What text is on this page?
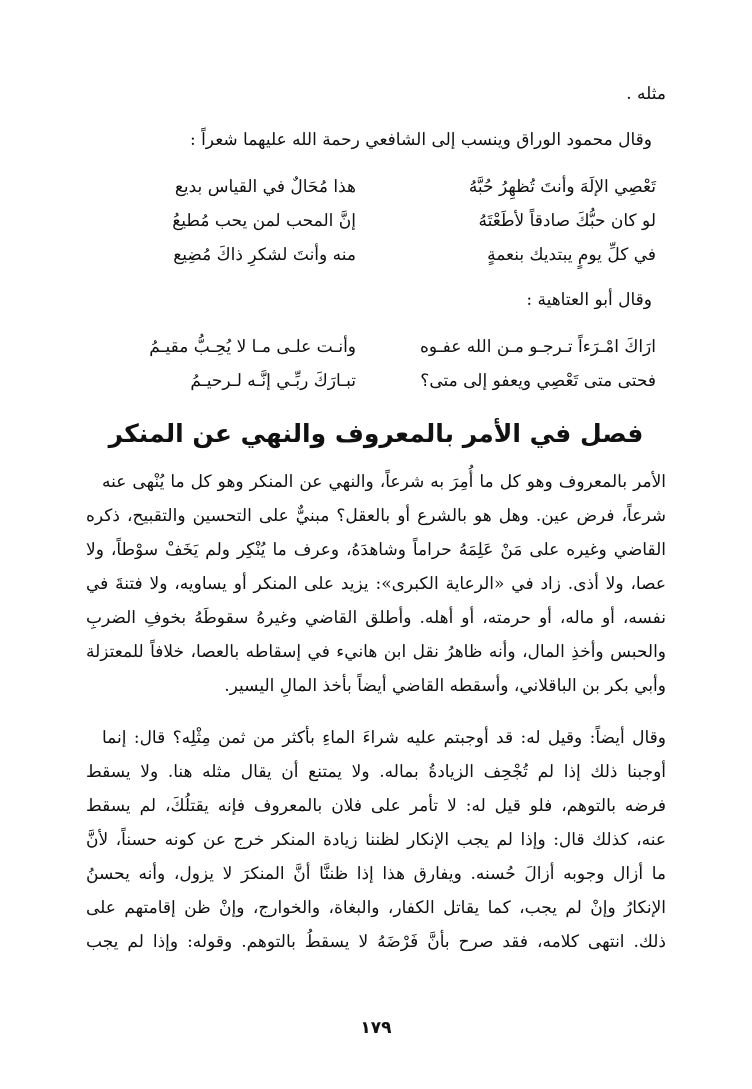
مثله .
وقال محمود الوراق وينسب إلى الشافعي رحمة الله عليهما شعراً :
تَعْصِي الإلَهَ وأنتَ تُظهِرُ حُبَّهُ
هذا مُحَالٌ في القياس بديع
لو كان حبُّكَ صادقاً لأطَعْتَهُ
إنَّ المحب لمن يحب مُطيعُ
في كلِّ يومٍ يبتديك بنعمةٍ
منه وأنتَ لشكرِ ذاكَ مُضِيع
وقال أبو العتاهية :
ارَاكَ امْـرَءاً تـرجـو مـن الله عفـوه
وأنـت علـى مـا لا يُحِـبُّ مقيـمُ
فحتى متى تَعْصِي ويعفو إلى متى؟
تبـارَكَ ربِّـي إنَّـه لـرحيـمُ
فصل في الأمر بالمعروف والنهي عن المنكر
الأمر بالمعروف وهو كل ما أُمِرَ به شرعاً، والنهي عن المنكر وهو كل ما يُنْهى عنه
شرعاً، فرض عين. وهل هو بالشرع أو بالعقل؟ مبنيٌّ على التحسين والتقبيح، ذكره
القاضي وغيره على مَنْ عَلِمَهُ حراماً وشاهدَهُ، وعرف ما يُنْكِر ولم يَخَفْ سوْطاً، ولا
عصا، ولا أذى. زاد في «الرعاية الكبرى»: يزيد على المنكر أو يساويه، ولا فتنةَ في
نفسه، أو ماله، أو حرمته، أو أهله. وأطلق القاضي وغيرهُ سقوطَهُ بخوفِ الضربِ
والحبس وأخذِ المال، وأنه ظاهرُ نقل ابن هانيء في إسقاطه بالعصا، خلافاً للمعتزلة
وأبي بكر بن الباقلاني، وأسقطه القاضي أيضاً بأخذ المالِ اليسير.
وقال أيضاً: وقيل له: قد أوجبتم عليه شراءَ الماءِ بأكثر من ثمن مِثْلِه؟ قال: إنما
أوجبنا ذلك إذا لم تُجْحِف الزيادةُ بماله. ولا يمتنع أن يقال مثله هنا. ولا يسقط
فرضه بالتوهم، فلو قيل له: لا تأمر على فلان بالمعروف فإنه يقتلُكَ، لم يسقط
عنه، كذلك قال: وإذا لم يجب الإنكار لظننا زيادة المنكر خرج عن كونه حسناً، لأنَّ
ما أزال وجوبه أزالَ حُسنه. ويفارق هذا إذا ظننَّا أنَّ المنكرَ لا يزول، وأنه يحسنُ
الإنكارُ وإنْ لم يجب، كما يقاتل الكفار، والبغاة، والخوارج، وإنْ ظن إقامتهم على
ذلك. انتهى كلامه، فقد صرح بأنَّ فَرْضَهُ لا يسقطُ بالتوهم. وقوله: وإذا لم يجب
١٧٩
